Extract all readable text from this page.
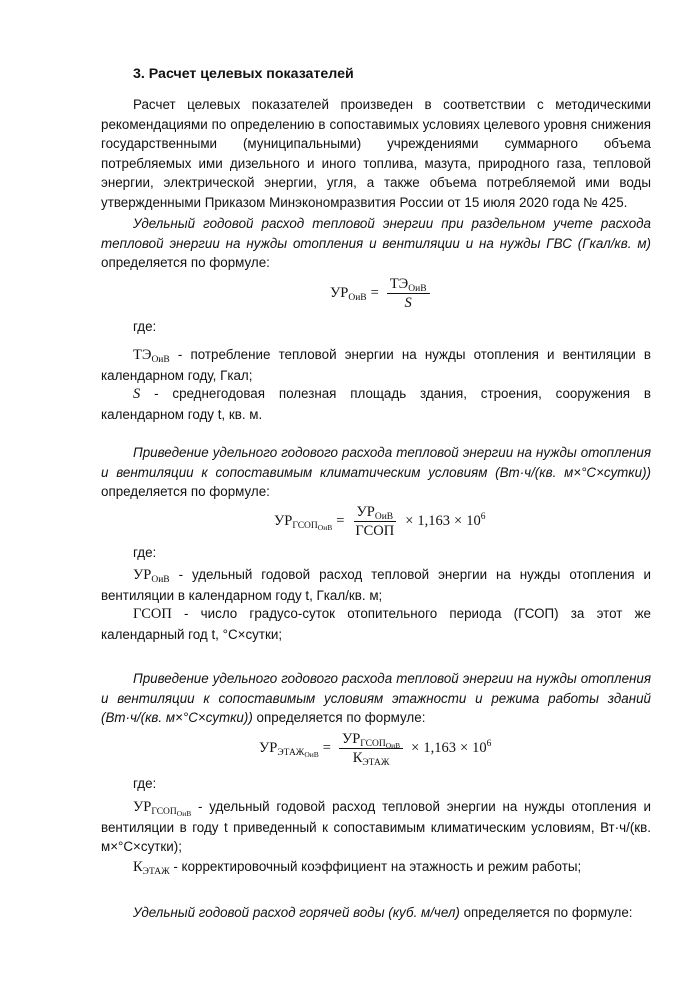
3. Расчет целевых показателей
Расчет целевых показателей произведен в соответствии с методическими рекомендациями по определению в сопоставимых условиях целевого уровня снижения государственными (муниципальными) учреждениями суммарного объема потребляемых ими дизельного и иного топлива, мазута, природного газа, тепловой энергии, электрической энергии, угля, а также объема потребляемой ими воды утвержденными Приказом Минэкономразвития России от 15 июля 2020 года № 425.
Удельный годовой расход тепловой энергии при раздельном учете расхода тепловой энергии на нужды отопления и вентиляции и на нужды ГВС (Гкал/кв. м) определяется по формуле:
$УР_{ОиВ} = \frac{ТЭ_{ОиВ}}{S}$
где:
$ТЭ_{ОиВ}$ - потребление тепловой энергии на нужды отопления и вентиляции в календарном году, Гкал;
S - среднегодовая полезная площадь здания, строения, сооружения в календарном году t, кв. м.
Приведение удельного годового расхода тепловой энергии на нужды отопления и вентиляции к сопоставимым климатическим условиям (Вт·ч/(кв. м×°С×сутки)) определяется по формуле:
$УР_{ГСОП_{ОиВ}} = \frac{УР_{ОиВ}}{\text{ГСОП}} \times 1,163 \times 10^6$
где:
$УР_{ОиВ}$ - удельный годовой расход тепловой энергии на нужды отопления и вентиляции в календарном году t, Гкал/кв. м;
ГСОП - число градусо-суток отопительного периода (ГСОП) за этот же календарный год t, °С×сутки;
Приведение удельного годового расхода тепловой энергии на нужды отопления и вентиляции к сопоставимым условиям этажности и режима работы зданий (Вт·ч/(кв. м×°С×сутки)) определяется по формуле:
$УР_{ЭТАЖ_{ОиВ}} = \frac{УР_{ГСОП_{ОиВ}}}{К_{ЭТАЖ}} \times 1,163 \times 10^6$
где:
$УР_{ГСОП_{ОиВ}}$ - удельный годовой расход тепловой энергии на нужды отопления и вентиляции в году t приведенный к сопоставимым климатическим условиям, Вт·ч/(кв. м×°С×сутки);
$К_{ЭТАЖ}$ - корректировочный коэффициент на этажность и режим работы;
Удельный годовой расход горячей воды (куб. м/чел) определяется по формуле:
